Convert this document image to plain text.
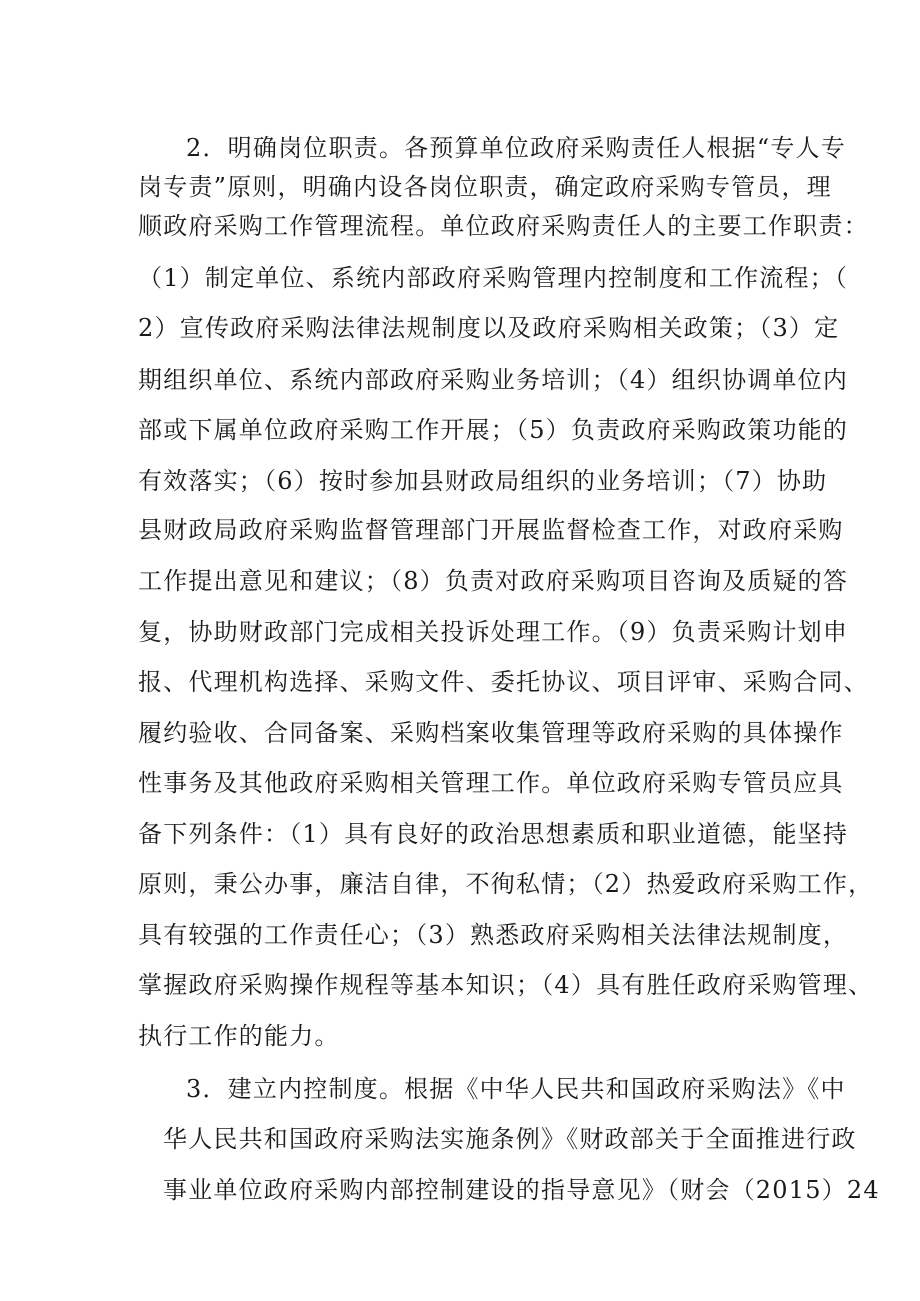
2．明确岗位职责。各预算单位政府采购责任人根据“专人专
岗专责”原则，明确内设各岗位职责，确定政府采购专管员，理
顺政府采购工作管理流程。单位政府采购责任人的主要工作职责：
（1）制定单位、系统内部政府采购管理内控制度和工作流程；（
2）宣传政府采购法律法规制度以及政府采购相关政策；（3）定
期组织单位、系统内部政府采购业务培训；（4）组织协调单位内
部或下属单位政府采购工作开展；（5）负责政府采购政策功能的
有效落实；（6）按时参加县财政局组织的业务培训；（7）协助
县财政局政府采购监督管理部门开展监督检查工作，对政府采购
工作提出意见和建议；（8）负责对政府采购项目咨询及质疑的答
复，协助财政部门完成相关投诉处理工作。（9）负责采购计划申
报、代理机构选择、采购文件、委托协议、项目评审、采购合同、
履约验收、合同备案、采购档案收集管理等政府采购的具体操作
性事务及其他政府采购相关管理工作。单位政府采购专管员应具
备下列条件：（1）具有良好的政治思想素质和职业道德，能坚持
原则，秉公办事，廉洁自律，不徇私情；（2）热爱政府采购工作，
具有较强的工作责任心；（3）熟悉政府采购相关法律法规制度，
掌握政府采购操作规程等基本知识；（4）具有胜任政府采购管理、
执行工作的能力。
3．建立内控制度。根据《中华人民共和国政府采购法》《中
华人民共和国政府采购法实施条例》《财政部关于全面推进行政
事业单位政府采购内部控制建设的指导意见》（财会（2015）24
